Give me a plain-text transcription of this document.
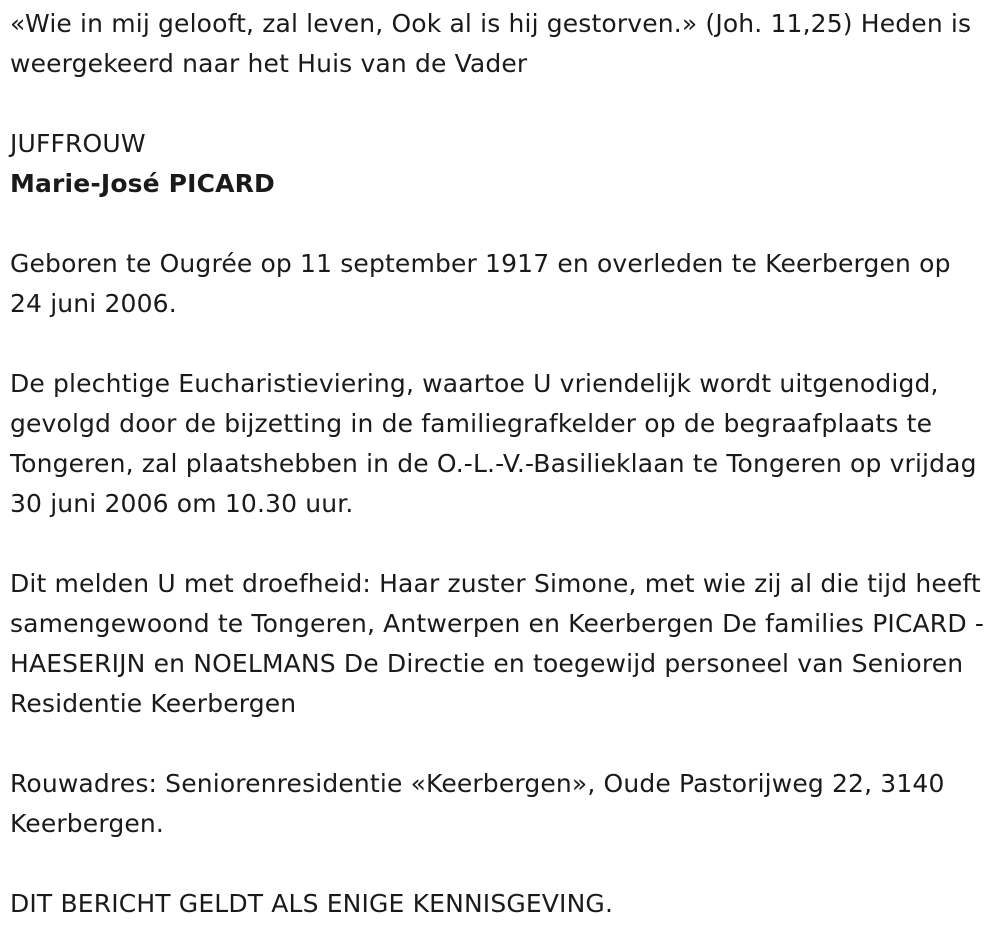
«Wie in mij gelooft, zal leven, Ook al is hij gestorven.» (Joh. 11,25) Heden is weergekeerd naar het Huis van de Vader

JUFFROUW

Marie-José PICARD

Geboren te Ougrée op 11 september 1917 en overleden te Keerbergen op 24 juni 2006.

De plechtige Eucharistieviering, waartoe U vriendelijk wordt uitgenodigd, gevolgd door de bijzetting in de familiegrafkelder op de begraafplaats te Tongeren, zal plaatshebben in de O.-L.-V.-Basilieklaan te Tongeren op vrijdag 30 juni 2006 om 10.30 uur.

Dit melden U met droefheid: Haar zuster Simone, met wie zij al die tijd heeft samengewoond te Tongeren, Antwerpen en Keerbergen De families PICARD - HAESERIJN en NOELMANS De Directie en toegewijd personeel van Senioren Residentie Keerbergen

Rouwadres: Seniorenresidentie «Keerbergen», Oude Pastorijweg 22, 3140 Keerbergen.

DIT BERICHT GELDT ALS ENIGE KENNISGEVING.
